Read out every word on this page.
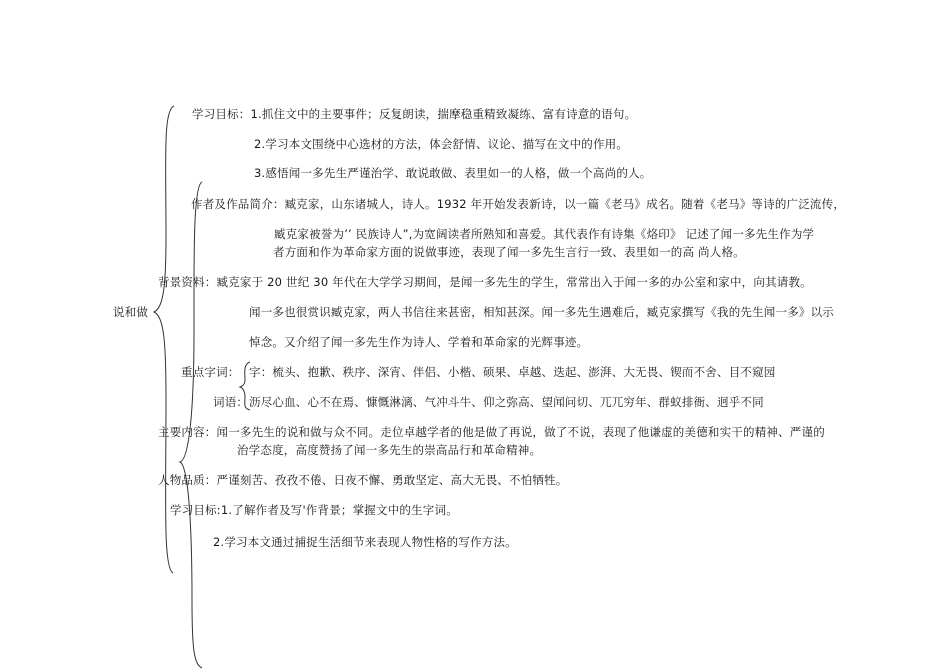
说和做
学习目标：1.抓住文中的主要事件；反复朗读，揣摩稳重精致凝练、富有诗意的语句。
2.学习本文围绕中心选材的方法，体会舒情、议论、描写在文中的作用。
3.感悟闻一多先生严谨治学、敢说敢做、表里如一的人格，做一个高尚的人。
作者及作品简介：臧克家，山东诸城人，诗人。1932 年开始发表新诗，以一篇《老马》成名。随着《老马》等诗的广泛流传，
臧克家被誉为’’ 民族诗人”,为宽阔读者所熟知和喜爱。其代表作有诗集《烙印》 记述了闻一多先生作为学
者方面和作为革命家方面的说做事迹，表现了闻一多先生言行一致、表里如一的高 尚人格。
背景资料：臧克家于 20 世纪 30 年代在大学学习期间，是闻一多先生的学生，常常出入于闻一多的办公室和家中，向其请教。
闻一多也很赏识臧克家，两人书信往来甚密，相知甚深。闻一多先生遇难后，臧克家撰写《我的先生闻一多》以示
悼念。又介绍了闻一多先生作为诗人、学着和革命家的光辉事迹。
重点字词： 字：梳头、抱歉、秩序、深宵、伴侣、小楷、硕果、卓越、迭起、澎湃、大无畏、锲而不舍、目不窥园
词语： 沥尽心血、心不在焉、慷慨淋漓、气冲斗牛、仰之弥高、望闻问切、兀兀穷年、群蚁排衙、迥乎不同
主要内容：闻一多先生的说和做与众不同。走位卓越学者的他是做了再说，做了不说，表现了他谦虚的美德和实干的精神、严谨的
治学态度，高度赞扬了闻一多先生的崇高品行和革命精神。
人物品质：严谨刻苦、孜孜不倦、日夜不懈、勇敢坚定、高大无畏、不怕牺牲。
学习目标:1.了解作者及写'作背景；掌握文中的生字词。
2.学习本文通过捕捉生活细节来表现人物性格的写作方法。
